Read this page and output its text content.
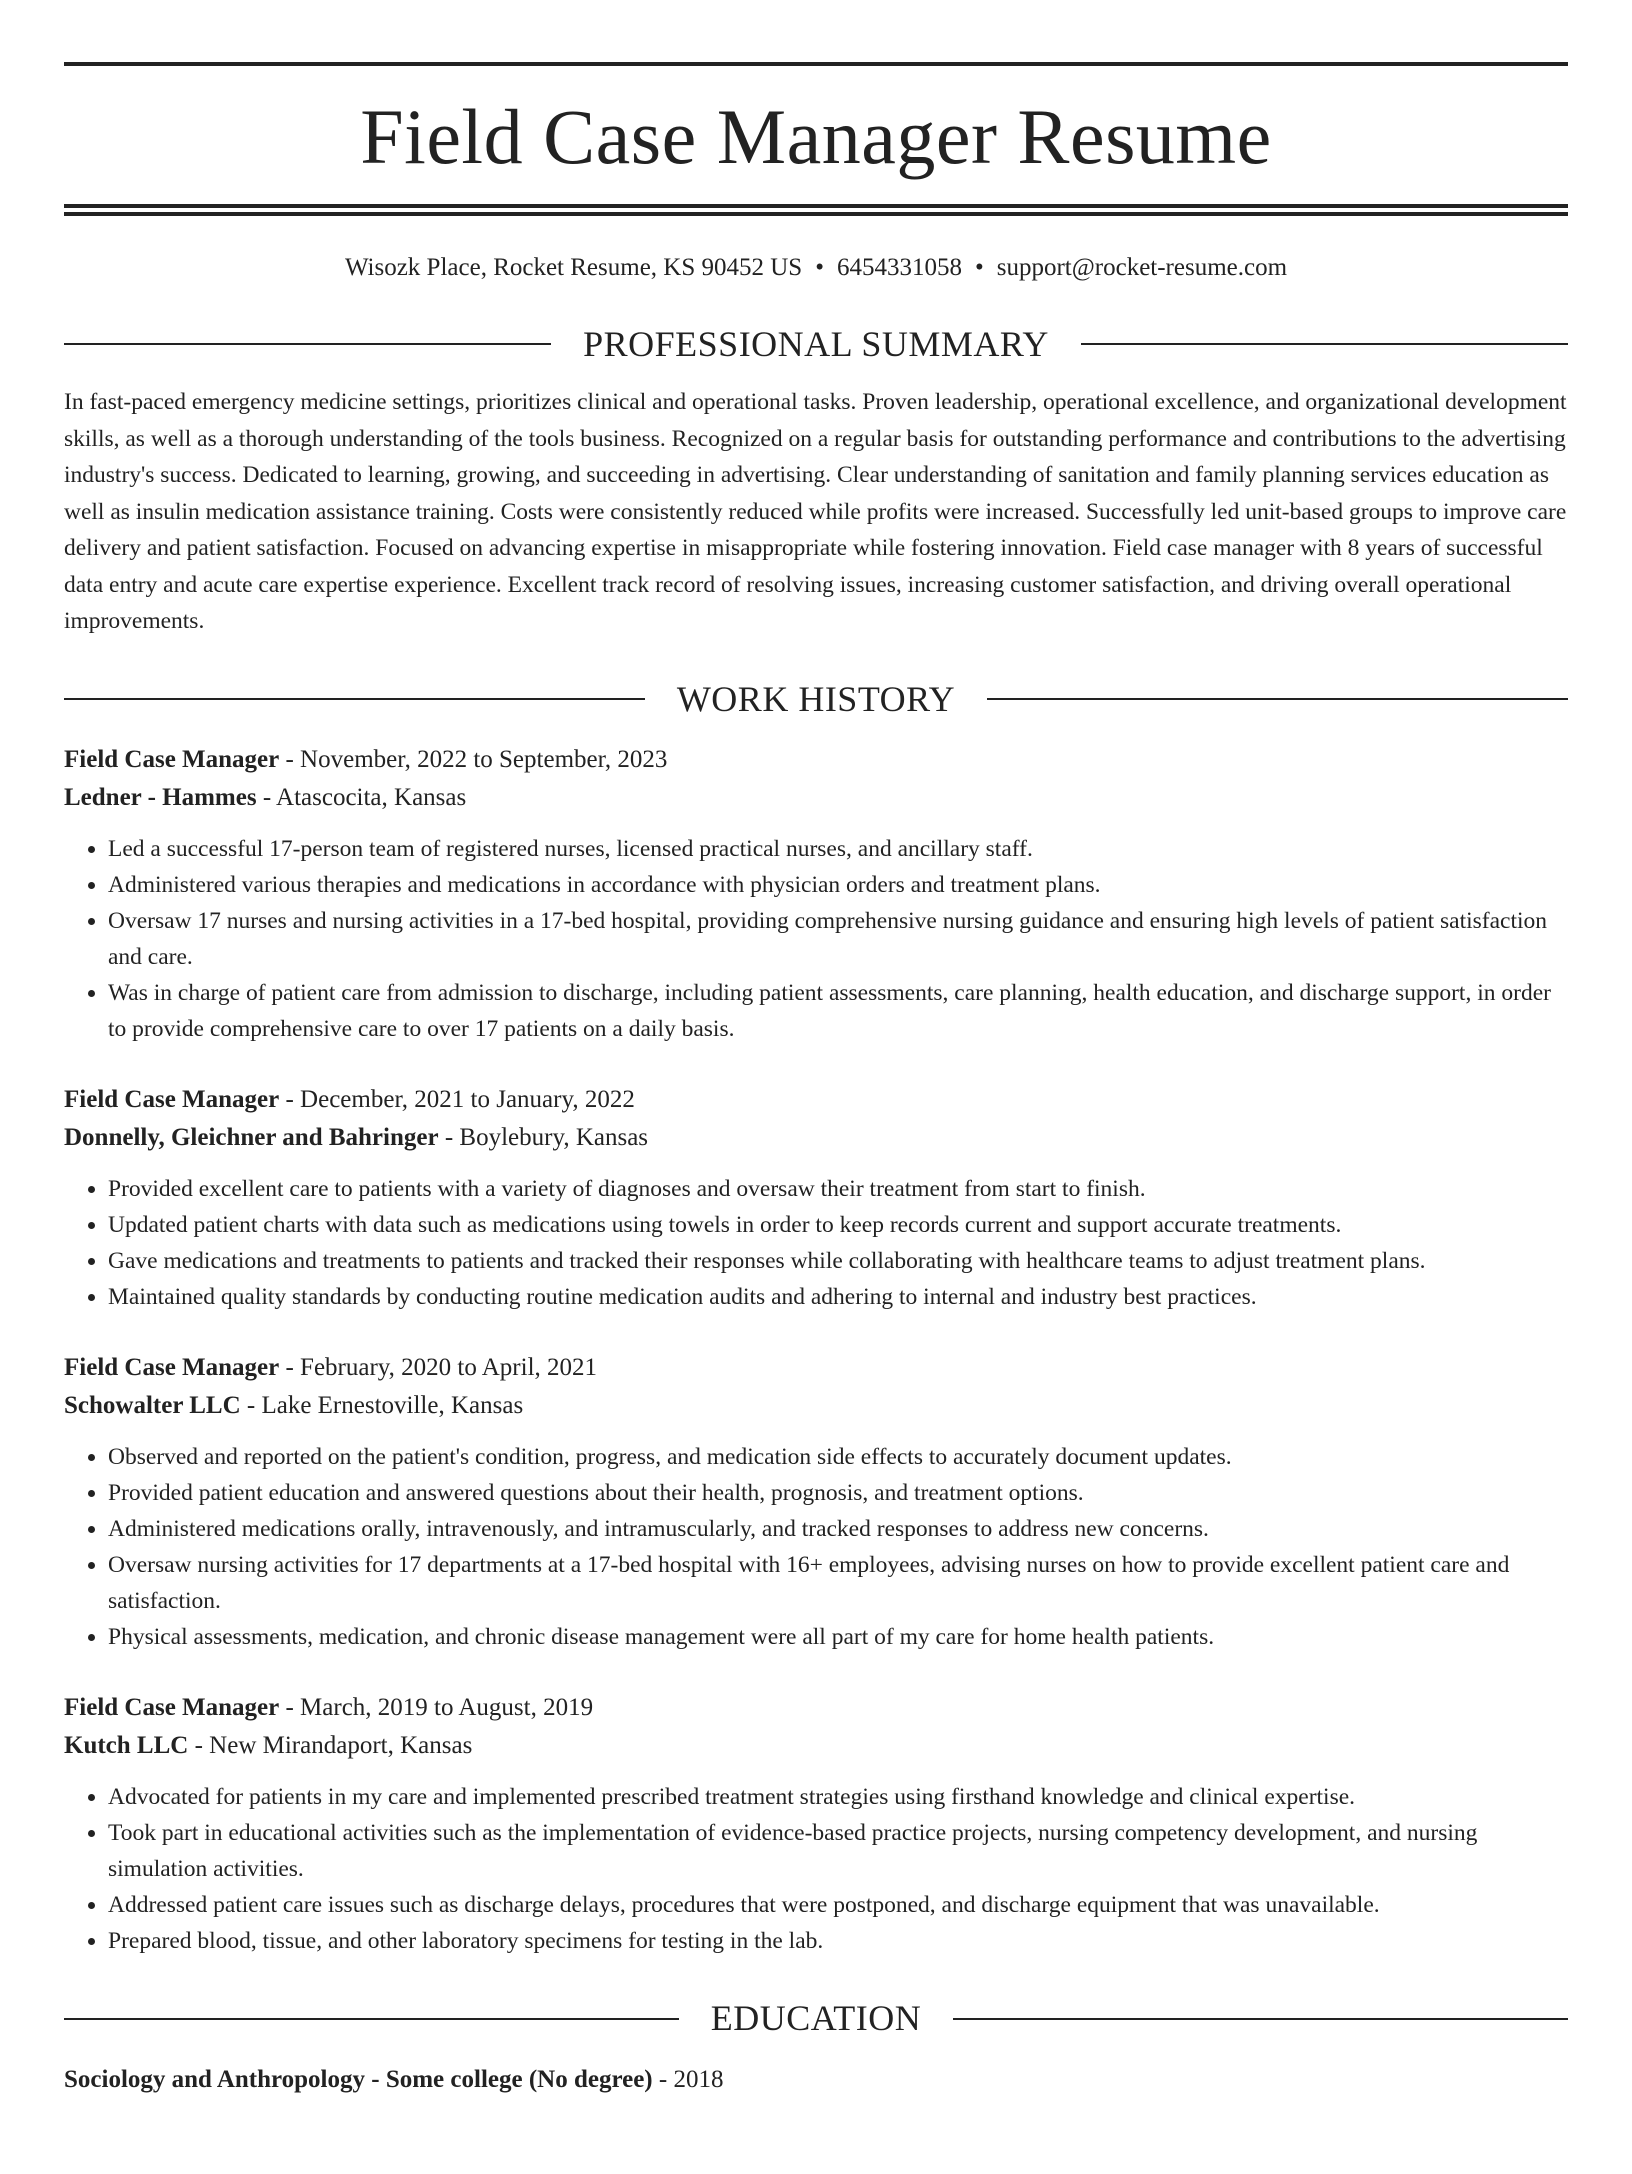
Field Case Manager Resume
Wisozk Place, Rocket Resume, KS 90452 US • 6454331058 • support@rocket-resume.com
PROFESSIONAL SUMMARY
In fast-paced emergency medicine settings, prioritizes clinical and operational tasks. Proven leadership, operational excellence, and organizational development skills, as well as a thorough understanding of the tools business. Recognized on a regular basis for outstanding performance and contributions to the advertising industry's success. Dedicated to learning, growing, and succeeding in advertising. Clear understanding of sanitation and family planning services education as well as insulin medication assistance training. Costs were consistently reduced while profits were increased. Successfully led unit-based groups to improve care delivery and patient satisfaction. Focused on advancing expertise in misappropriate while fostering innovation. Field case manager with 8 years of successful data entry and acute care expertise experience. Excellent track record of resolving issues, increasing customer satisfaction, and driving overall operational improvements.
WORK HISTORY
Field Case Manager - November, 2022 to September, 2023
Ledner - Hammes - Atascocita, Kansas
• Led a successful 17-person team of registered nurses, licensed practical nurses, and ancillary staff.
• Administered various therapies and medications in accordance with physician orders and treatment plans.
• Oversaw 17 nurses and nursing activities in a 17-bed hospital, providing comprehensive nursing guidance and ensuring high levels of patient satisfaction and care.
• Was in charge of patient care from admission to discharge, including patient assessments, care planning, health education, and discharge support, in order to provide comprehensive care to over 17 patients on a daily basis.
Field Case Manager - December, 2021 to January, 2022
Donnelly, Gleichner and Bahringer - Boylebury, Kansas
• Provided excellent care to patients with a variety of diagnoses and oversaw their treatment from start to finish.
• Updated patient charts with data such as medications using towels in order to keep records current and support accurate treatments.
• Gave medications and treatments to patients and tracked their responses while collaborating with healthcare teams to adjust treatment plans.
• Maintained quality standards by conducting routine medication audits and adhering to internal and industry best practices.
Field Case Manager - February, 2020 to April, 2021
Schowalter LLC - Lake Ernestoville, Kansas
• Observed and reported on the patient's condition, progress, and medication side effects to accurately document updates.
• Provided patient education and answered questions about their health, prognosis, and treatment options.
• Administered medications orally, intravenously, and intramuscularly, and tracked responses to address new concerns.
• Oversaw nursing activities for 17 departments at a 17-bed hospital with 16+ employees, advising nurses on how to provide excellent patient care and satisfaction.
• Physical assessments, medication, and chronic disease management were all part of my care for home health patients.
Field Case Manager - March, 2019 to August, 2019
Kutch LLC - New Mirandaport, Kansas
• Advocated for patients in my care and implemented prescribed treatment strategies using firsthand knowledge and clinical expertise.
• Took part in educational activities such as the implementation of evidence-based practice projects, nursing competency development, and nursing simulation activities.
• Addressed patient care issues such as discharge delays, procedures that were postponed, and discharge equipment that was unavailable.
• Prepared blood, tissue, and other laboratory specimens for testing in the lab.
EDUCATION
Sociology and Anthropology - Some college (No degree) - 2018
